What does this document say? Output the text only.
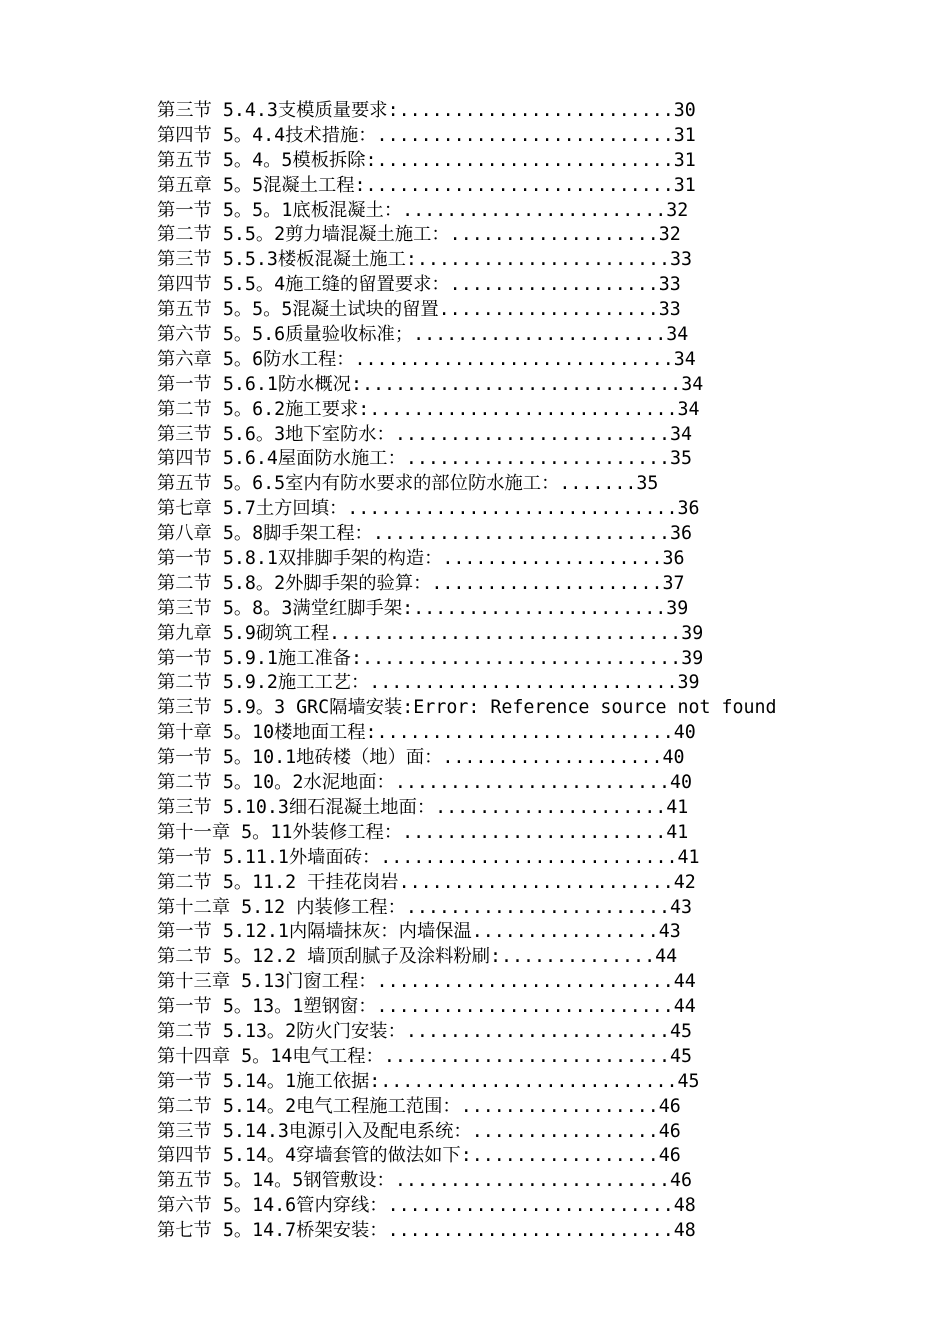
第三节 5.4.3支模质量要求:.........................30
第四节 5。4.4技术措施：...........................31
第五节 5。4。5模板拆除:...........................31
第五章 5。5混凝土工程:............................31
第一节 5。5。1底板混凝土：........................32
第二节 5.5。2剪力墙混凝土施工：...................32
第三节 5.5.3楼板混凝土施工:.......................33
第四节 5.5。4施工缝的留置要求：...................33
第五节 5。5。5混凝土试块的留置....................33
第六节 5。5.6质量验收标准；.......................34
第六章 5。6防水工程：.............................34
第一节 5.6.1防水概况:.............................34
第二节 5。6.2施工要求:............................34
第三节 5.6。3地下室防水：.........................34
第四节 5.6.4屋面防水施工：........................35
第五节 5。6.5室内有防水要求的部位防水施工：.......35
第七章 5.7土方回填：..............................36
第八章 5。8脚手架工程：...........................36
第一节 5.8.1双排脚手架的构造：....................36
第二节 5.8。2外脚手架的验算：.....................37
第三节 5。8。3满堂红脚手架:.......................39
第九章 5.9砌筑工程................................39
第一节 5.9.1施工准备:.............................39
第二节 5.9.2施工工艺：............................39
第三节 5.9。3 GRC隔墙安装:Error: Reference source not found
第十章 5。10楼地面工程:...........................40
第一节 5。10.1地砖楼（地）面：....................40
第二节 5。10。2水泥地面：.........................40
第三节 5.10.3细石混凝土地面：.....................41
第十一章 5。11外装修工程：........................41
第一节 5.11.1外墙面砖：...........................41
第二节 5。11.2 干挂花岗岩.........................42
第十二章 5.12 内装修工程：........................43
第一节 5.12.1内隔墙抹灰：内墙保温.................43
第二节 5。12.2 墙顶刮腻子及涂料粉刷:..............44
第十三章 5.13门窗工程：...........................44
第一节 5。13。1塑钢窗：...........................44
第二节 5.13。2防火门安装：........................45
第十四章 5。14电气工程：..........................45
第一节 5.14。1施工依据:...........................45
第二节 5.14。2电气工程施工范围：..................46
第三节 5.14.3电源引入及配电系统：.................46
第四节 5.14。4穿墙套管的做法如下:.................46
第五节 5。14。5钢管敷设：.........................46
第六节 5。14.6管内穿线：..........................48
第七节 5。14.7桥架安装：..........................48
